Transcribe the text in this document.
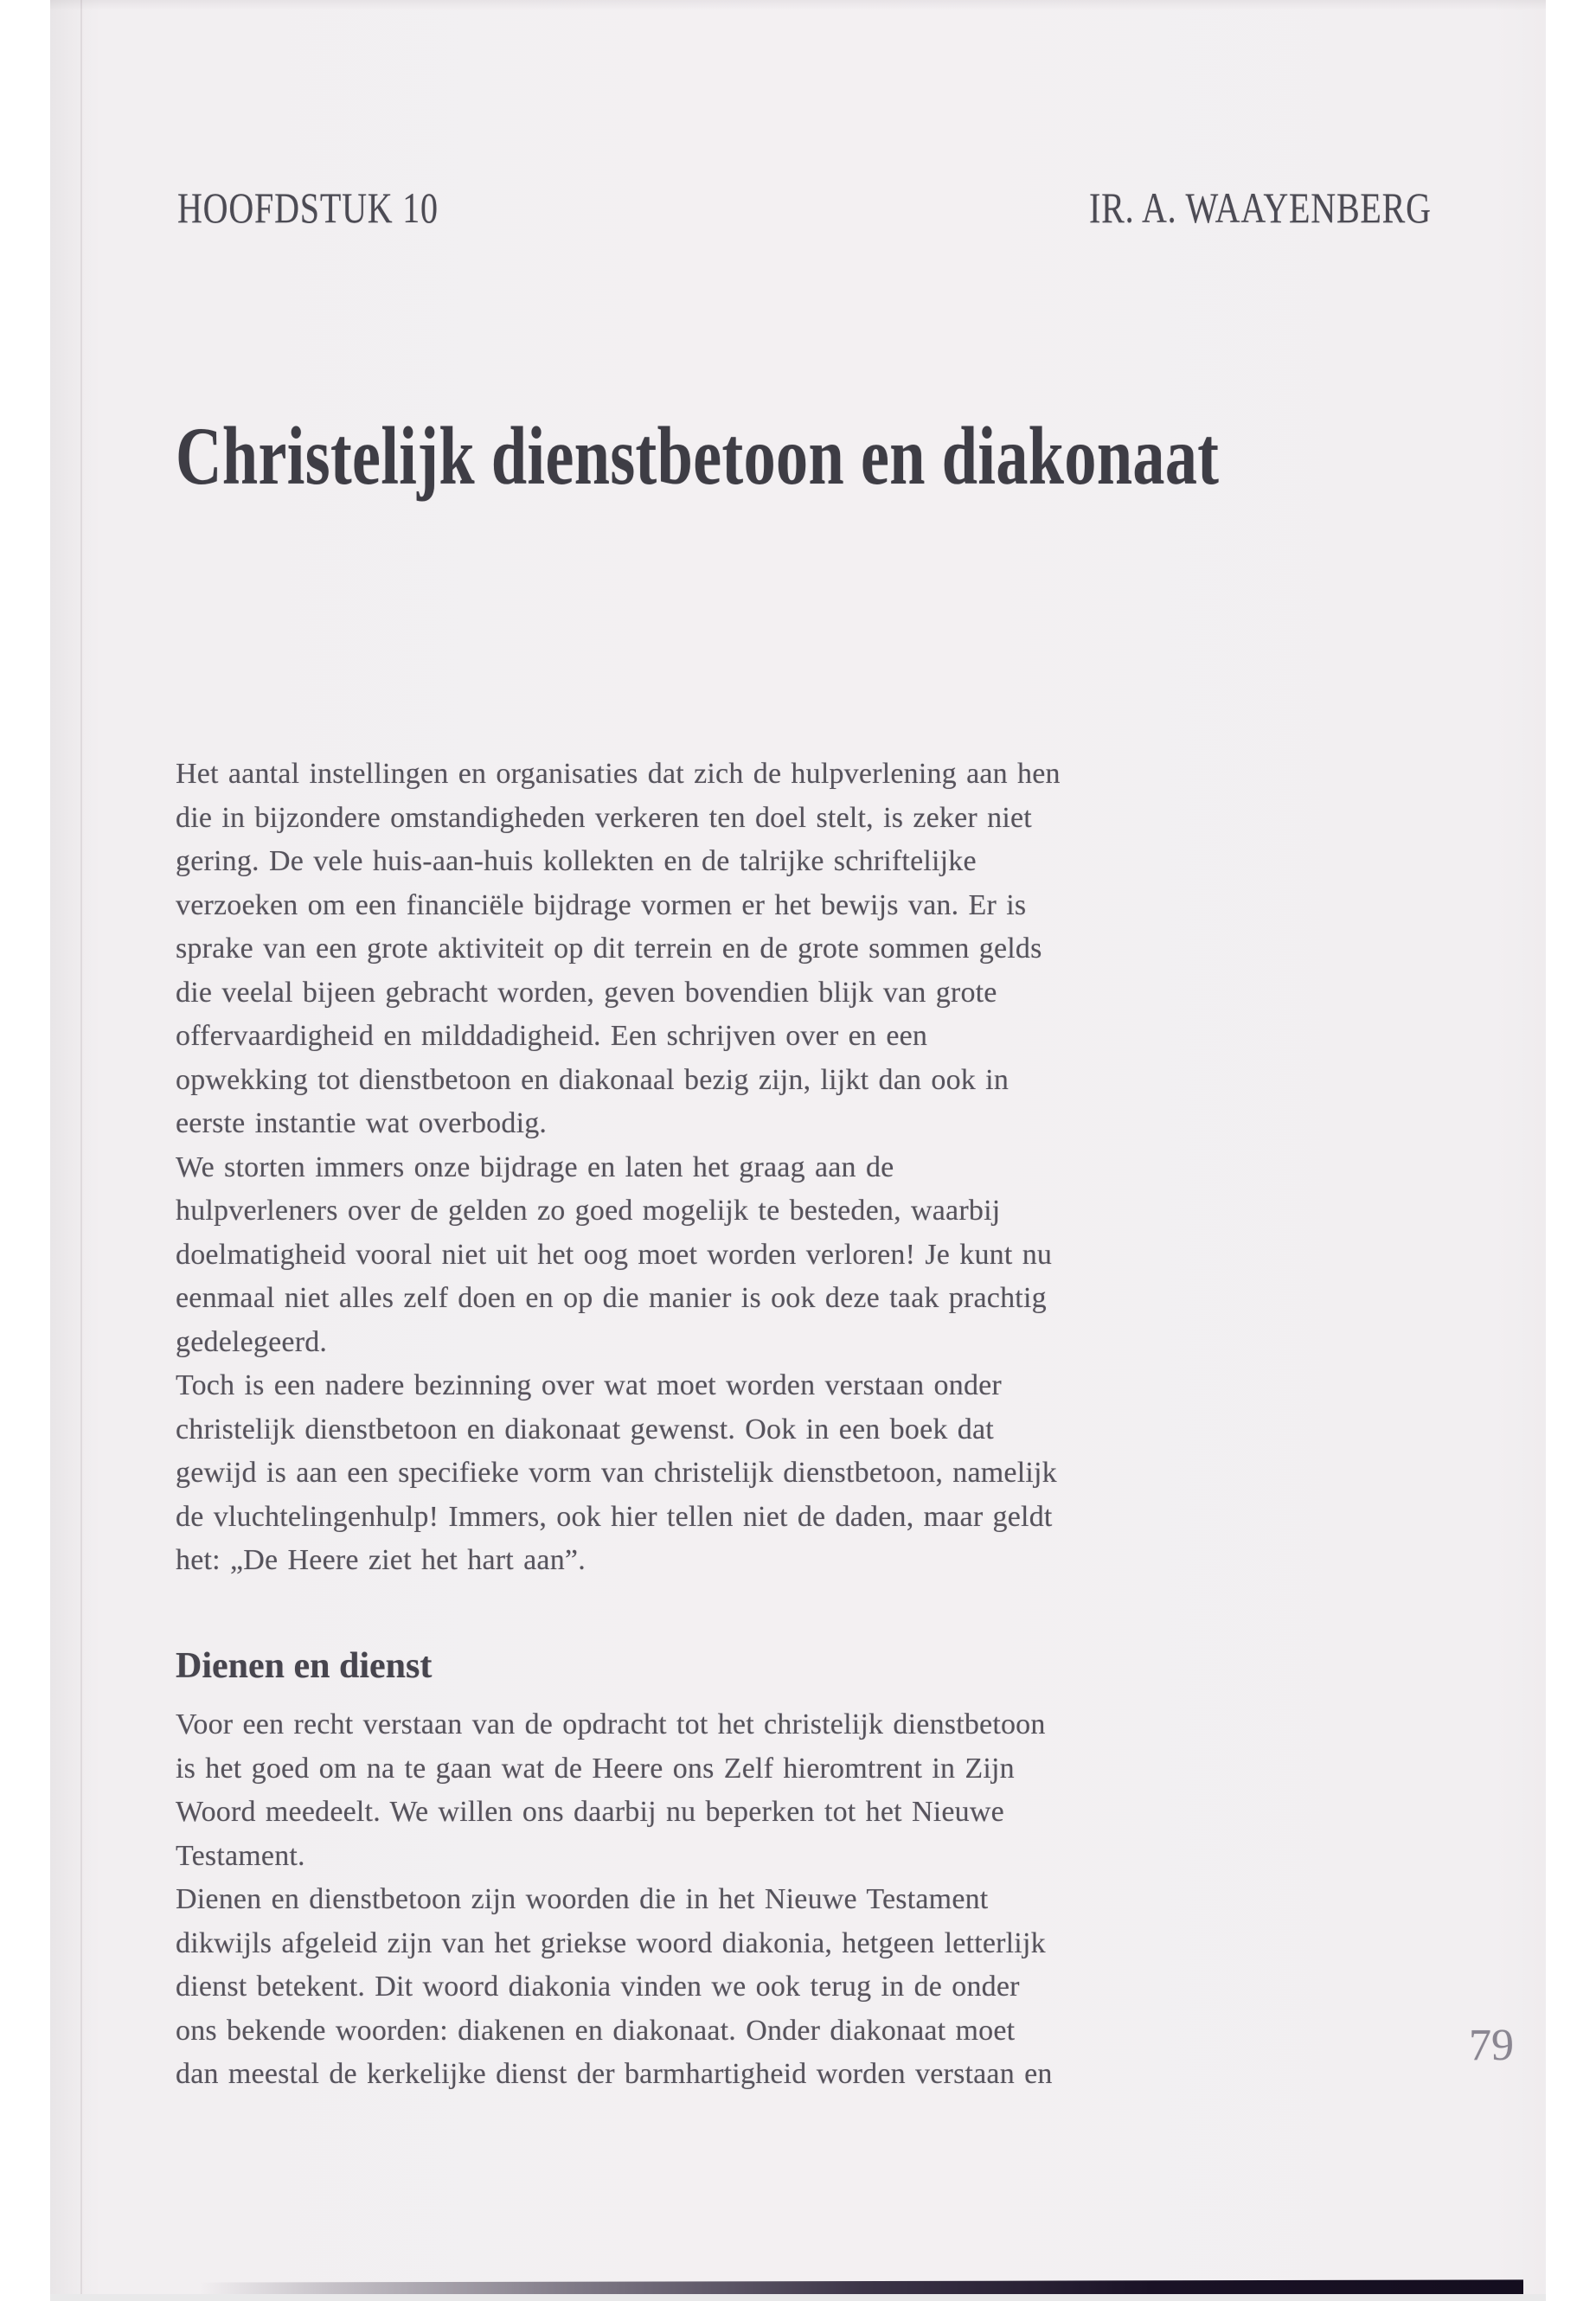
HOOFDSTUK 10	IR. A. WAAYENBERG
Christelijk dienstbetoon en diakonaat
Het aantal instellingen en organisaties dat zich de hulpverlening aan hen
die in bijzondere omstandigheden verkeren ten doel stelt, is zeker niet
gering. De vele huis-aan-huis kollekten en de talrijke schriftelijke
verzoeken om een financiële bijdrage vormen er het bewijs van. Er is
sprake van een grote aktiviteit op dit terrein en de grote sommen gelds
die veelal bijeen gebracht worden, geven bovendien blijk van grote
offervaardigheid en milddadigheid. Een schrijven over en een
opwekking tot dienstbetoon en diakonaal bezig zijn, lijkt dan ook in
eerste instantie wat overbodig.
We storten immers onze bijdrage en laten het graag aan de
hulpverleners over de gelden zo goed mogelijk te besteden, waarbij
doelmatigheid vooral niet uit het oog moet worden verloren! Je kunt nu
eenmaal niet alles zelf doen en op die manier is ook deze taak prachtig
gedelegeerd.
Toch is een nadere bezinning over wat moet worden verstaan onder
christelijk dienstbetoon en diakonaat gewenst. Ook in een boek dat
gewijd is aan een specifieke vorm van christelijk dienstbetoon, namelijk
de vluchtelingenhulp! Immers, ook hier tellen niet de daden, maar geldt
het: „De Heere ziet het hart aan”.
Dienen en dienst
Voor een recht verstaan van de opdracht tot het christelijk dienstbetoon
is het goed om na te gaan wat de Heere ons Zelf hieromtrent in Zijn
Woord meedeelt. We willen ons daarbij nu beperken tot het Nieuwe
Testament.
Dienen en dienstbetoon zijn woorden die in het Nieuwe Testament
dikwijls afgeleid zijn van het griekse woord diakonia, hetgeen letterlijk
dienst betekent. Dit woord diakonia vinden we ook terug in de onder
ons bekende woorden: diakenen en diakonaat. Onder diakonaat moet
dan meestal de kerkelijke dienst der barmhartigheid worden verstaan en
79
